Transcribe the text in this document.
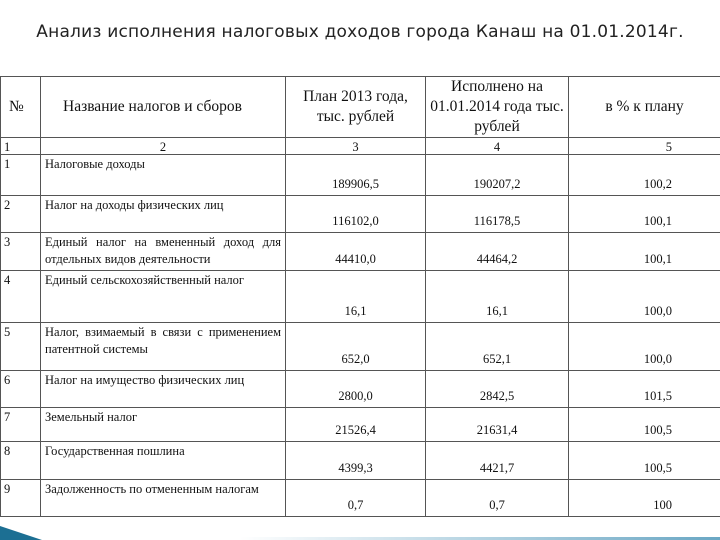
Анализ исполнения налоговых доходов города Канаш на 01.01.2014г.
№	Название налогов и сборов	План 2013 года, тыс. рублей	Исполнено на 01.01.2014 года тыс. рублей	в % к плану
1	2	3	4	5
1	Налоговые доходы	189906,5	190207,2	100,2
2	Налог на доходы физических лиц	116102,0	116178,5	100,1
3	Единый налог на вмененный доход для отдельных видов деятельности	44410,0	44464,2	100,1
4	Единый сельскохозяйственный налог	16,1	16,1	100,0
5	Налог, взимаемый в связи с применением патентной системы	652,0	652,1	100,0
6	Налог на имущество физических лиц	2800,0	2842,5	101,5
7	Земельный налог	21526,4	21631,4	100,5
8	Государственная пошлина	4399,3	4421,7	100,5
9	Задолженность по отмененным налогам	0,7	0,7	100
